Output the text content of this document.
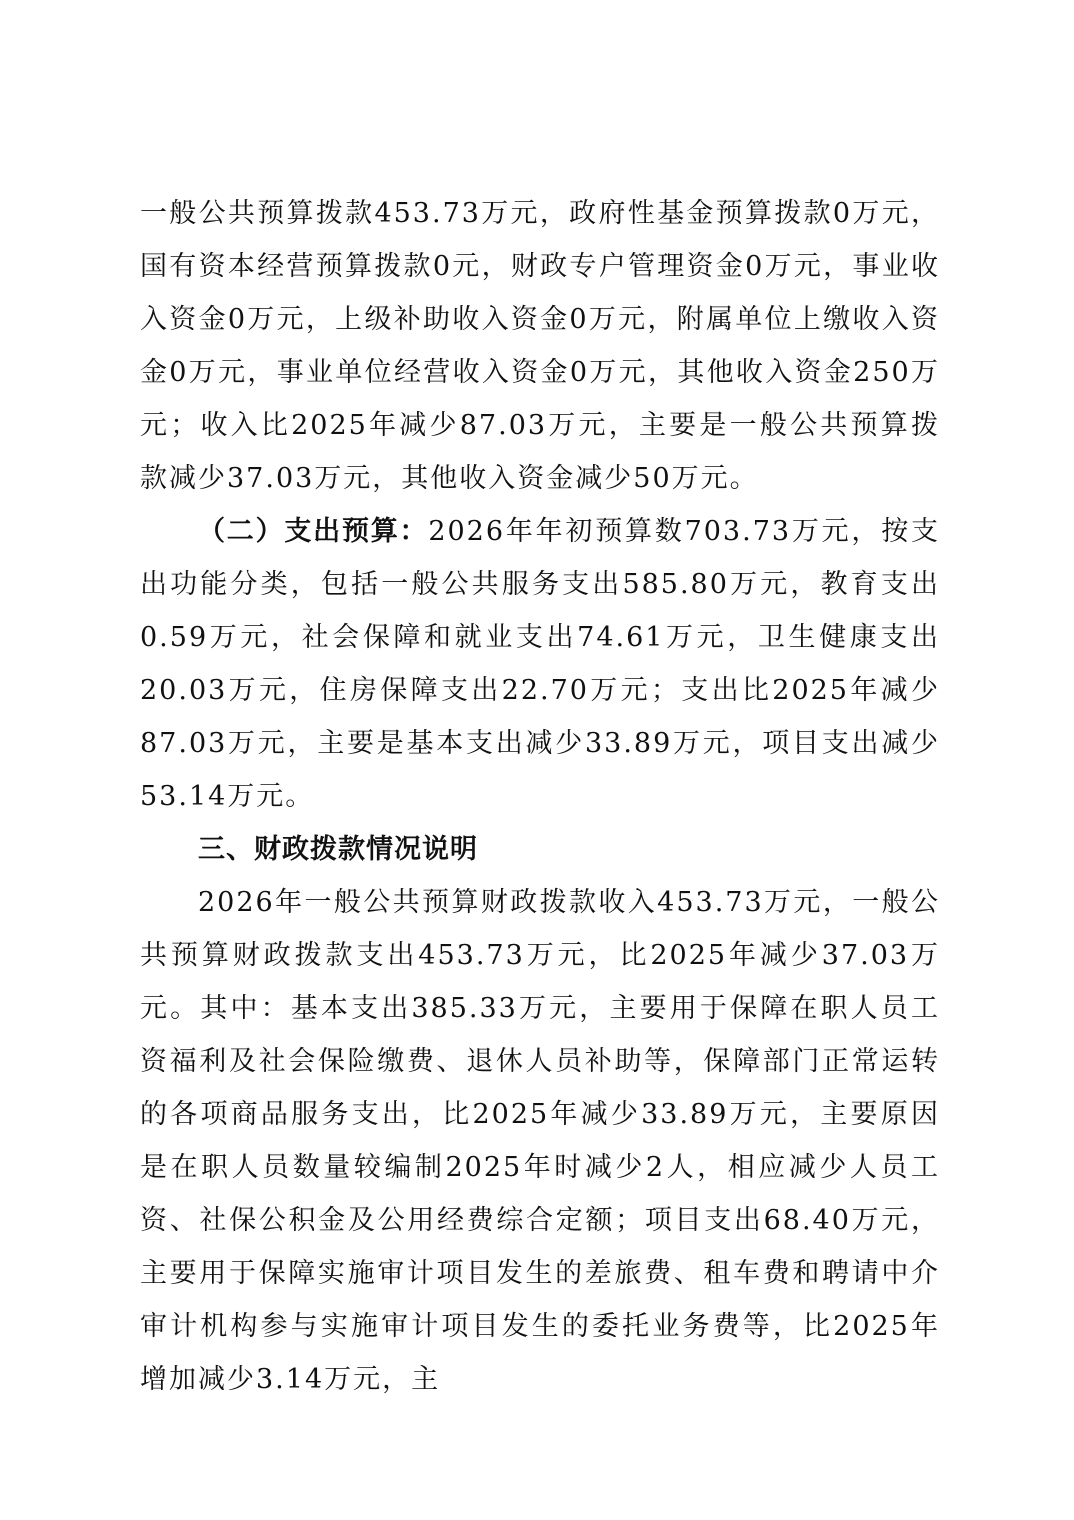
一般公共预算拨款453.73万元，政府性基金预算拨款0万元，国有资本经营预算拨款0元，财政专户管理资金0万元，事业收入资金0万元，上级补助收入资金0万元，附属单位上缴收入资金0万元，事业单位经营收入资金0万元，其他收入资金250万元；收入比2025年减少87.03万元，主要是一般公共预算拨款减少37.03万元，其他收入资金减少50万元。

（二）支出预算：2026年年初预算数703.73万元，按支出功能分类，包括一般公共服务支出585.80万元，教育支出0.59万元，社会保障和就业支出74.61万元，卫生健康支出20.03万元，住房保障支出22.70万元；支出比2025年减少87.03万元，主要是基本支出减少33.89万元，项目支出减少53.14万元。

三、财政拨款情况说明

2026年一般公共预算财政拨款收入453.73万元，一般公共预算财政拨款支出453.73万元，比2025年减少37.03万元。其中：基本支出385.33万元，主要用于保障在职人员工资福利及社会保险缴费、退休人员补助等，保障部门正常运转的各项商品服务支出，比2025年减少33.89万元，主要原因是在职人员数量较编制2025年时减少2人，相应减少人员工资、社保公积金及公用经费综合定额；项目支出68.40万元，主要用于保障实施审计项目发生的差旅费、租车费和聘请中介审计机构参与实施审计项目发生的委托业务费等，比2025年增加减少3.14万元，主
